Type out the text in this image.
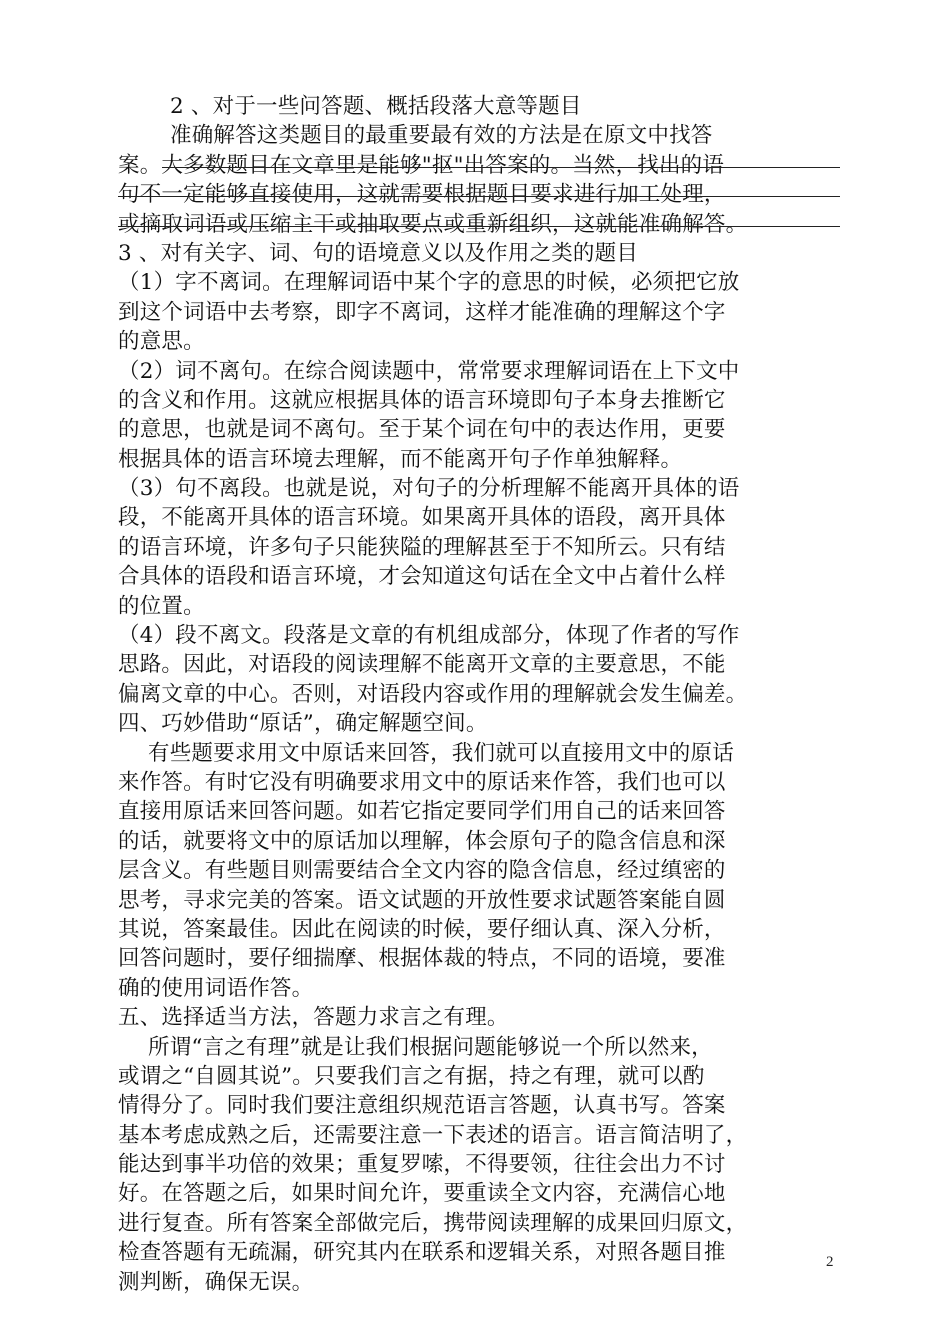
2 、对于一些问答题、概括段落大意等题目
准确解答这类题目的最重要最有效的方法是在原文中找答
案。大多数题目在文章里是能够"抠"出答案的。当然，找出的语
句不一定能够直接使用，这就需要根据题目要求进行加工处理，
或摘取词语或压缩主干或抽取要点或重新组织，这就能准确解答。
3 、对有关字、词、句的语境意义以及作用之类的题目
（1）字不离词。在理解词语中某个字的意思的时候，必须把它放
到这个词语中去考察，即字不离词，这样才能准确的理解这个字
的意思。
（2）词不离句。在综合阅读题中，常常要求理解词语在上下文中
的含义和作用。这就应根据具体的语言环境即句子本身去推断它
的意思，也就是词不离句。至于某个词在句中的表达作用，更要
根据具体的语言环境去理解，而不能离开句子作单独解释。
（3）句不离段。也就是说，对句子的分析理解不能离开具体的语
段，不能离开具体的语言环境。如果离开具体的语段，离开具体
的语言环境，许多句子只能狭隘的理解甚至于不知所云。只有结
合具体的语段和语言环境，才会知道这句话在全文中占着什么样
的位置。
（4）段不离文。段落是文章的有机组成部分，体现了作者的写作
思路。因此，对语段的阅读理解不能离开文章的主要意思，不能
偏离文章的中心。否则，对语段内容或作用的理解就会发生偏差。
四、巧妙借助“原话”，确定解题空间。
有些题要求用文中原话来回答，我们就可以直接用文中的原话
来作答。有时它没有明确要求用文中的原话来作答，我们也可以
直接用原话来回答问题。如若它指定要同学们用自己的话来回答
的话，就要将文中的原话加以理解，体会原句子的隐含信息和深
层含义。有些题目则需要结合全文内容的隐含信息，经过缜密的
思考，寻求完美的答案。语文试题的开放性要求试题答案能自圆
其说，答案最佳。因此在阅读的时候，要仔细认真、深入分析，
回答问题时，要仔细揣摩、根据体裁的特点，不同的语境，要准
确的使用词语作答。
五、选择适当方法，答题力求言之有理。
所谓“言之有理”就是让我们根据问题能够说一个所以然来，
或谓之“自圆其说”。只要我们言之有据，持之有理，就可以酌
情得分了。同时我们要注意组织规范语言答题，认真书写。答案
基本考虑成熟之后，还需要注意一下表述的语言。语言简洁明了，
能达到事半功倍的效果；重复罗嗦，不得要领，往往会出力不讨
好。在答题之后，如果时间允许，要重读全文内容，充满信心地
进行复查。所有答案全部做完后，携带阅读理解的成果回归原文，
检查答题有无疏漏，研究其内在联系和逻辑关系，对照各题目推
测判断，确保无误。
2
